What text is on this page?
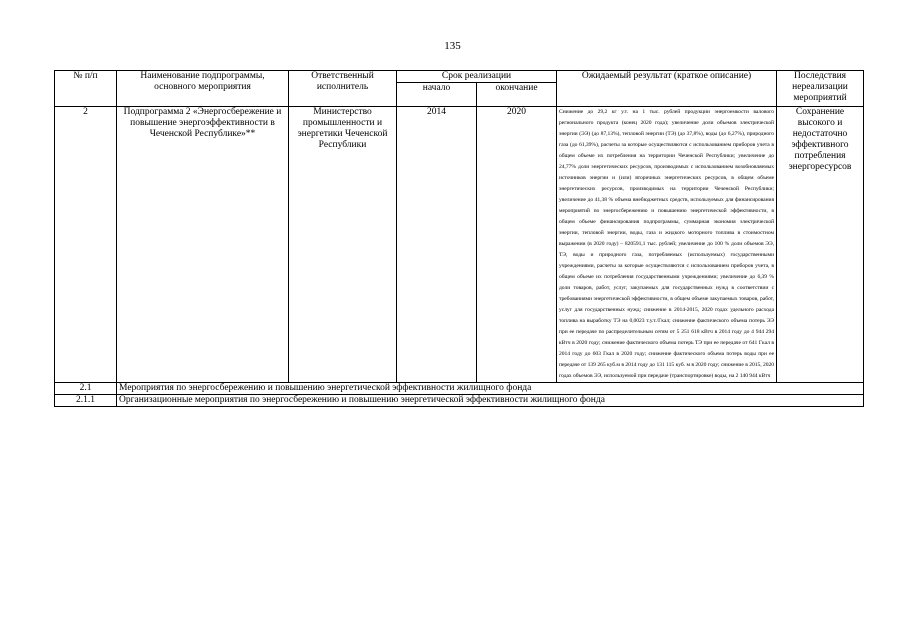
135
№ п/п	Наименование подпрограммы, основного мероприятия	Ответственный исполнитель	Срок реализации		Ожидаемый результат (краткое описание)	Последствия нереализации мероприятий
			начало	окончание		
2	Подпрограмма 2 «Энергосбережение и повышение энергоэффективности в Чеченской Республике»**	Министерство промышленности и энергетики Чеченской Республики	2014	2020	Снижение до 29,2 кг у.т. на 1 тыс. рублей продукции энергоемкости валового регионального продукта (конец 2020 года); увеличение доли объемов электрической энергии (ЭЭ) (до 87,13%), тепловой энергии (ТЭ) (до 37,8%), воды (до 6,27%), природного газа (до 61,39%), расчеты за которые осуществляются с использованием приборов учета в общем объеме их потребления на территории Чеченской Республики; увеличение до 24,77% доли энергетических ресурсов, производимых с использованием возобновляемых источников энергии и (или) вторичных энергетических ресурсов, в общем объеме энергетических ресурсов, производимых на территории Чеченской Республики; увеличение до 41,38 % объема внебюджетных средств, используемых для финансирования мероприятий по энергосбережению и повышению энергетической эффективности, в общем объеме финансирования подпрограммы, суммарная экономия электрической энергии, тепловой энергии, воды, газа и жидкого моторного топлива в стоимостном выражении (в 2020 году) – 820591,1 тыс. рублей; увеличение до 100 % доли объемов ЭЭ, ТЭ, воды и природного газа, потребляемых (используемых) государственными учреждениями, расчеты за которые осуществляются с использованием приборов учета, в общем объеме их потребления государственными учреждениями; увеличение до 6,39 % доли товаров, работ, услуг, закупаемых для государственных нужд в соответствии с требованиями энергетической эффективности, в общем объеме закупаемых товаров, работ, услуг для государственных нужд; снижение в 2014-2015, 2020 годах удельного расхода топлива на выработку ТЭ на 0,0023 т.у.т./Гкал; снижение фактического объема потерь ЭЭ при ее передаче по распределительным сетям от 5 251 618 кВтч в 2014 году до 4 944 294 кВтч в 2020 году; снижение фактического объема потерь ТЭ при ее передаче от 641 Гкал в 2014 году до 603 Гкал в 2020 году; снижение фактического объема потерь воды при ее передаче от 139 265 куб.м в 2014 году до 131 115 куб. м в 2020 году; снижение в 2015, 2020 годах объемов ЭЭ, используемой при передаче (транспортировке) воды, на 2 140 944 кВтч	Сохранение высокого и недостаточно эффективного потребления энергоресурсов
2.1	Мероприятия по энергосбережению и повышению энергетической эффективности жилищного фонда					
2.1.1	Организационные мероприятия по энергосбережению и повышению энергетической эффективности жилищного фонда					
